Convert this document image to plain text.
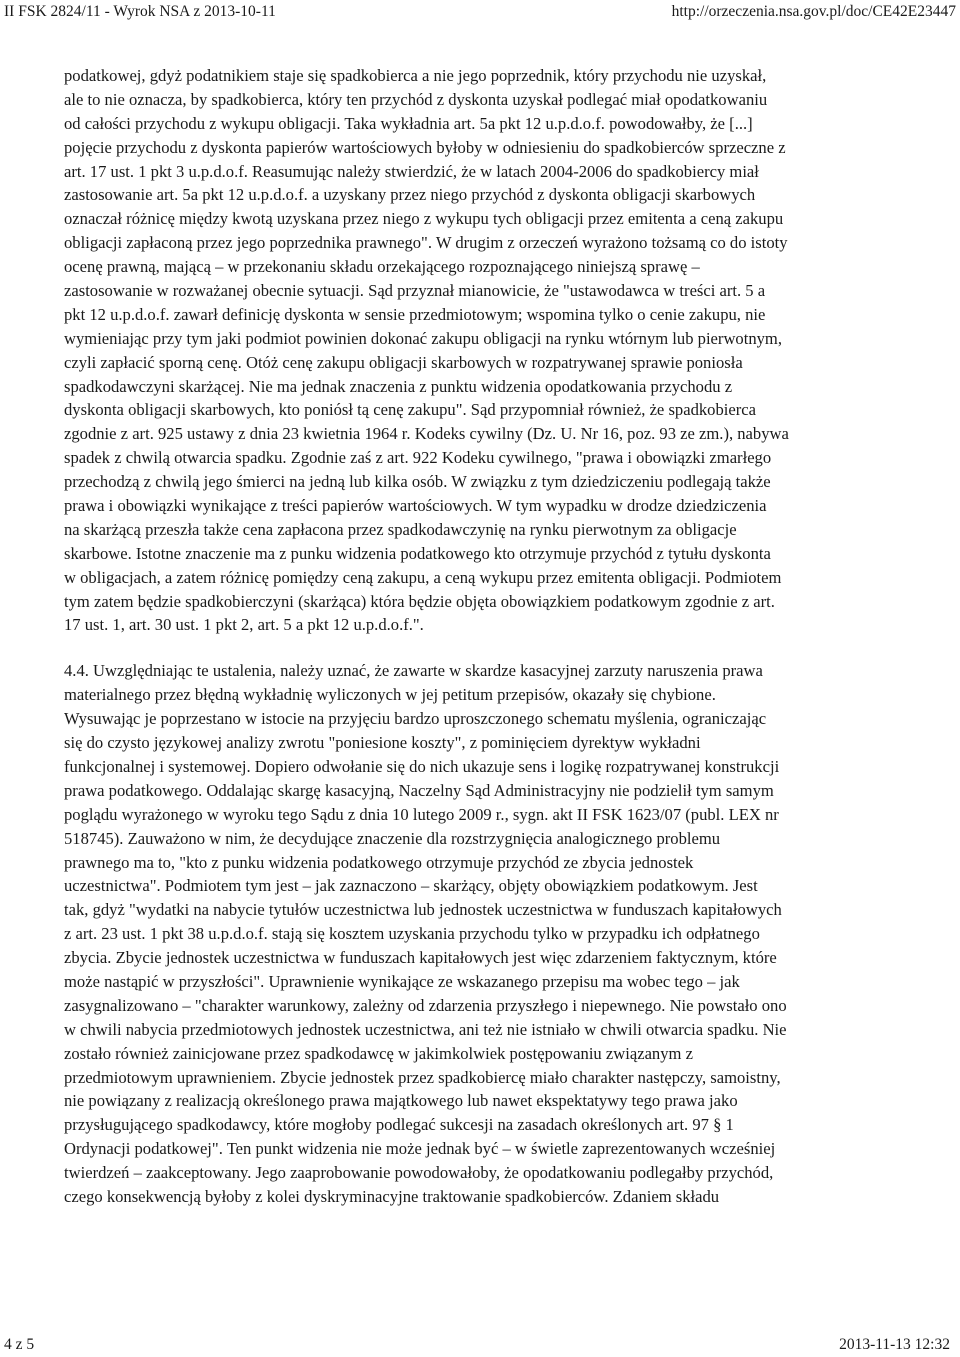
II FSK 2824/11 - Wyrok NSA z 2013-10-11	http://orzeczenia.nsa.gov.pl/doc/CE42E23447
podatkowej, gdyż podatnikiem staje się spadkobierca a nie jego poprzednik, który przychodu nie uzyskał,
ale to nie oznacza, by spadkobierca, który ten przychód z dyskonta uzyskał podlegać miał opodatkowaniu
od całości przychodu z wykupu obligacji. Taka wykładnia art. 5a pkt 12 u.p.d.o.f. powodowałby, że [...]
pojęcie przychodu z dyskonta papierów wartościowych byłoby w odniesieniu do spadkobierców sprzeczne z
art. 17 ust. 1 pkt 3 u.p.d.o.f. Reasumując należy stwierdzić, że w latach 2004-2006 do spadkobiercy miał
zastosowanie art. 5a pkt 12 u.p.d.o.f. a uzyskany przez niego przychód z dyskonta obligacji skarbowych
oznaczał różnicę między kwotą uzyskana przez niego z wykupu tych obligacji przez emitenta a ceną zakupu
obligacji zapłaconą przez jego poprzednika prawnego". W drugim z orzeczeń wyrażono tożsamą co do istoty
ocenę prawną, mającą – w przekonaniu składu orzekającego rozpoznającego niniejszą sprawę –
zastosowanie w rozważanej obecnie sytuacji. Sąd przyznał mianowicie, że "ustawodawca w treści art. 5 a
pkt 12 u.p.d.o.f. zawarł definicję dyskonta w sensie przedmiotowym; wspomina tylko o cenie zakupu, nie
wymieniając przy tym jaki podmiot powinien dokonać zakupu obligacji na rynku wtórnym lub pierwotnym,
czyli zapłacić sporną cenę. Otóż cenę zakupu obligacji skarbowych w rozpatrywanej sprawie poniosła
spadkodawczyni skarżącej. Nie ma jednak znaczenia z punktu widzenia opodatkowania przychodu z
dyskonta obligacji skarbowych, kto poniósł tą cenę zakupu". Sąd przypomniał również, że spadkobierca
zgodnie z art. 925 ustawy z dnia 23 kwietnia 1964 r. Kodeks cywilny (Dz. U. Nr 16, poz. 93 ze zm.), nabywa
spadek z chwilą otwarcia spadku. Zgodnie zaś z art. 922 Kodeku cywilnego, "prawa i obowiązki zmarłego
przechodzą z chwilą jego śmierci na jedną lub kilka osób. W związku z tym dziedziczeniu podlegają także
prawa i obowiązki wynikające z treści papierów wartościowych. W tym wypadku w drodze dziedziczenia
na skarżącą przeszła także cena zapłacona przez spadkodawczynię na rynku pierwotnym za obligacje
skarbowe. Istotne znaczenie ma z punku widzenia podatkowego kto otrzymuje przychód z tytułu dyskonta
w obligacjach, a zatem różnicę pomiędzy ceną zakupu, a ceną wykupu przez emitenta obligacji. Podmiotem
tym zatem będzie spadkobierczyni (skarżąca) która będzie objęta obowiązkiem podatkowym zgodnie z art.
17 ust. 1, art. 30 ust. 1 pkt 2, art. 5 a pkt 12 u.p.d.o.f.".
4.4. Uwzględniając te ustalenia, należy uznać, że zawarte w skardze kasacyjnej zarzuty naruszenia prawa
materialnego przez błędną wykładnię wyliczonych w jej petitum przepisów, okazały się chybione.
Wysuwając je poprzestano w istocie na przyjęciu bardzo uproszczonego schematu myślenia, ograniczając
się do czysto językowej analizy zwrotu "poniesione koszty", z pominięciem dyrektyw wykładni
funkcjonalnej i systemowej. Dopiero odwołanie się do nich ukazuje sens i logikę rozpatrywanej konstrukcji
prawa podatkowego. Oddalając skargę kasacyjną, Naczelny Sąd Administracyjny nie podzielił tym samym
poglądu wyrażonego w wyroku tego Sądu z dnia 10 lutego 2009 r., sygn. akt II FSK 1623/07 (publ. LEX nr
518745). Zauważono w nim, że decydujące znaczenie dla rozstrzygnięcia analogicznego problemu
prawnego ma to, "kto z punku widzenia podatkowego otrzymuje przychód ze zbycia jednostek
uczestnictwa". Podmiotem tym jest – jak zaznaczono – skarżący, objęty obowiązkiem podatkowym. Jest
tak, gdyż "wydatki na nabycie tytułów uczestnictwa lub jednostek uczestnictwa w funduszach kapitałowych
z art. 23 ust. 1 pkt 38 u.p.d.o.f. stają się kosztem uzyskania przychodu tylko w przypadku ich odpłatnego
zbycia. Zbycie jednostek uczestnictwa w funduszach kapitałowych jest więc zdarzeniem faktycznym, które
może nastąpić w przyszłości". Uprawnienie wynikające ze wskazanego przepisu ma wobec tego – jak
zasygnalizowano – "charakter warunkowy, zależny od zdarzenia przyszłego i niepewnego. Nie powstało ono
w chwili nabycia przedmiotowych jednostek uczestnictwa, ani też nie istniało w chwili otwarcia spadku. Nie
zostało również zainicjowane przez spadkodawcę w jakimkolwiek postępowaniu związanym z
przedmiotowym uprawnieniem. Zbycie jednostek przez spadkobiercę miało charakter następczy, samoistny,
nie powiązany z realizacją określonego prawa majątkowego lub nawet ekspektatywy tego prawa jako
przysługującego spadkodawcy, które mogłoby podlegać sukcesji na zasadach określonych art. 97 § 1
Ordynacji podatkowej". Ten punkt widzenia nie może jednak być – w świetle zaprezentowanych wcześniej
twierdzeń – zaakceptowany. Jego zaaprobowanie powodowałoby, że opodatkowaniu podlegałby przychód,
czego konsekwencją byłoby z kolei dyskryminacyjne traktowanie spadkobierców. Zdaniem składu
4 z 5	2013-11-13 12:32
